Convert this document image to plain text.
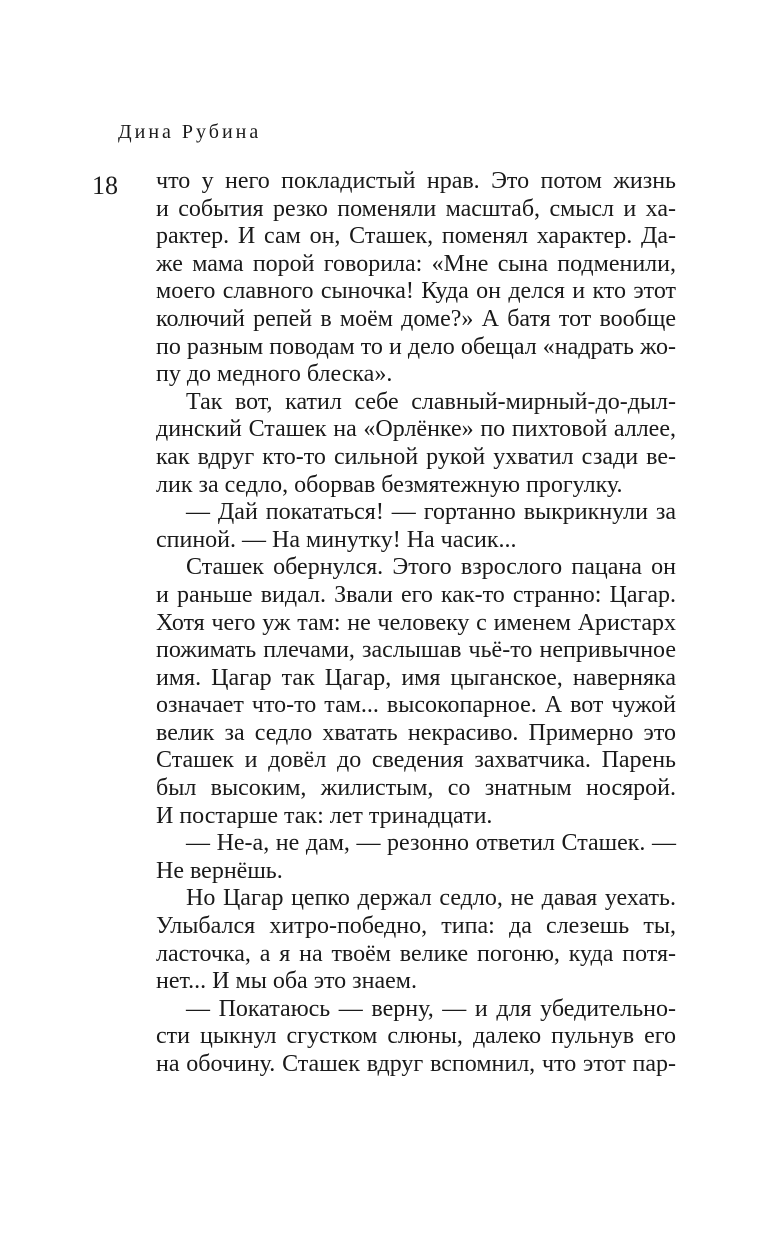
Дина Рубина
18 что у него покладистый нрав. Это потом жизнь
и события резко поменяли масштаб, смысл и ха-
рактер. И сам он, Сташек, поменял характер. Да-
же мама порой говорила: «Мне сына подменили,
моего славного сыночка! Куда он делся и кто этот
колючий репей в моём доме?» А батя тот вообще
по разным поводам то и дело обещал «надрать жо-
пу до медного блеска».
Так вот, катил себе славный-мирный-до-дыл-
динский Сташек на «Орлёнке» по пихтовой аллее,
как вдруг кто-то сильной рукой ухватил сзади ве-
лик за седло, оборвав безмятежную прогулку.
— Дай покататься! — гортанно выкрикнули за
спиной. — На минутку! На часик...
Сташек обернулся. Этого взрослого пацана он
и раньше видал. Звали его как-то странно: Цагар.
Хотя чего уж там: не человеку с именем Аристарх
пожимать плечами, заслышав чьё-то непривычное
имя. Цагар так Цагар, имя цыганское, наверняка
означает что-то там... высокопарное. А вот чужой
велик за седло хватать некрасиво. Примерно это
Сташек и довёл до сведения захватчика. Парень
был высоким, жилистым, со знатным носярой.
И постарше так: лет тринадцати.
— Не-а, не дам, — резонно ответил Сташек. —
Не вернёшь.
Но Цагар цепко держал седло, не давая уехать.
Улыбался хитро-победно, типа: да слезешь ты,
ласточка, а я на твоём велике погоню, куда потя-
нет... И мы оба это знаем.
— Покатаюсь — верну, — и для убедительно-
сти цыкнул сгустком слюны, далеко пульнув его
на обочину. Сташек вдруг вспомнил, что этот пар-
